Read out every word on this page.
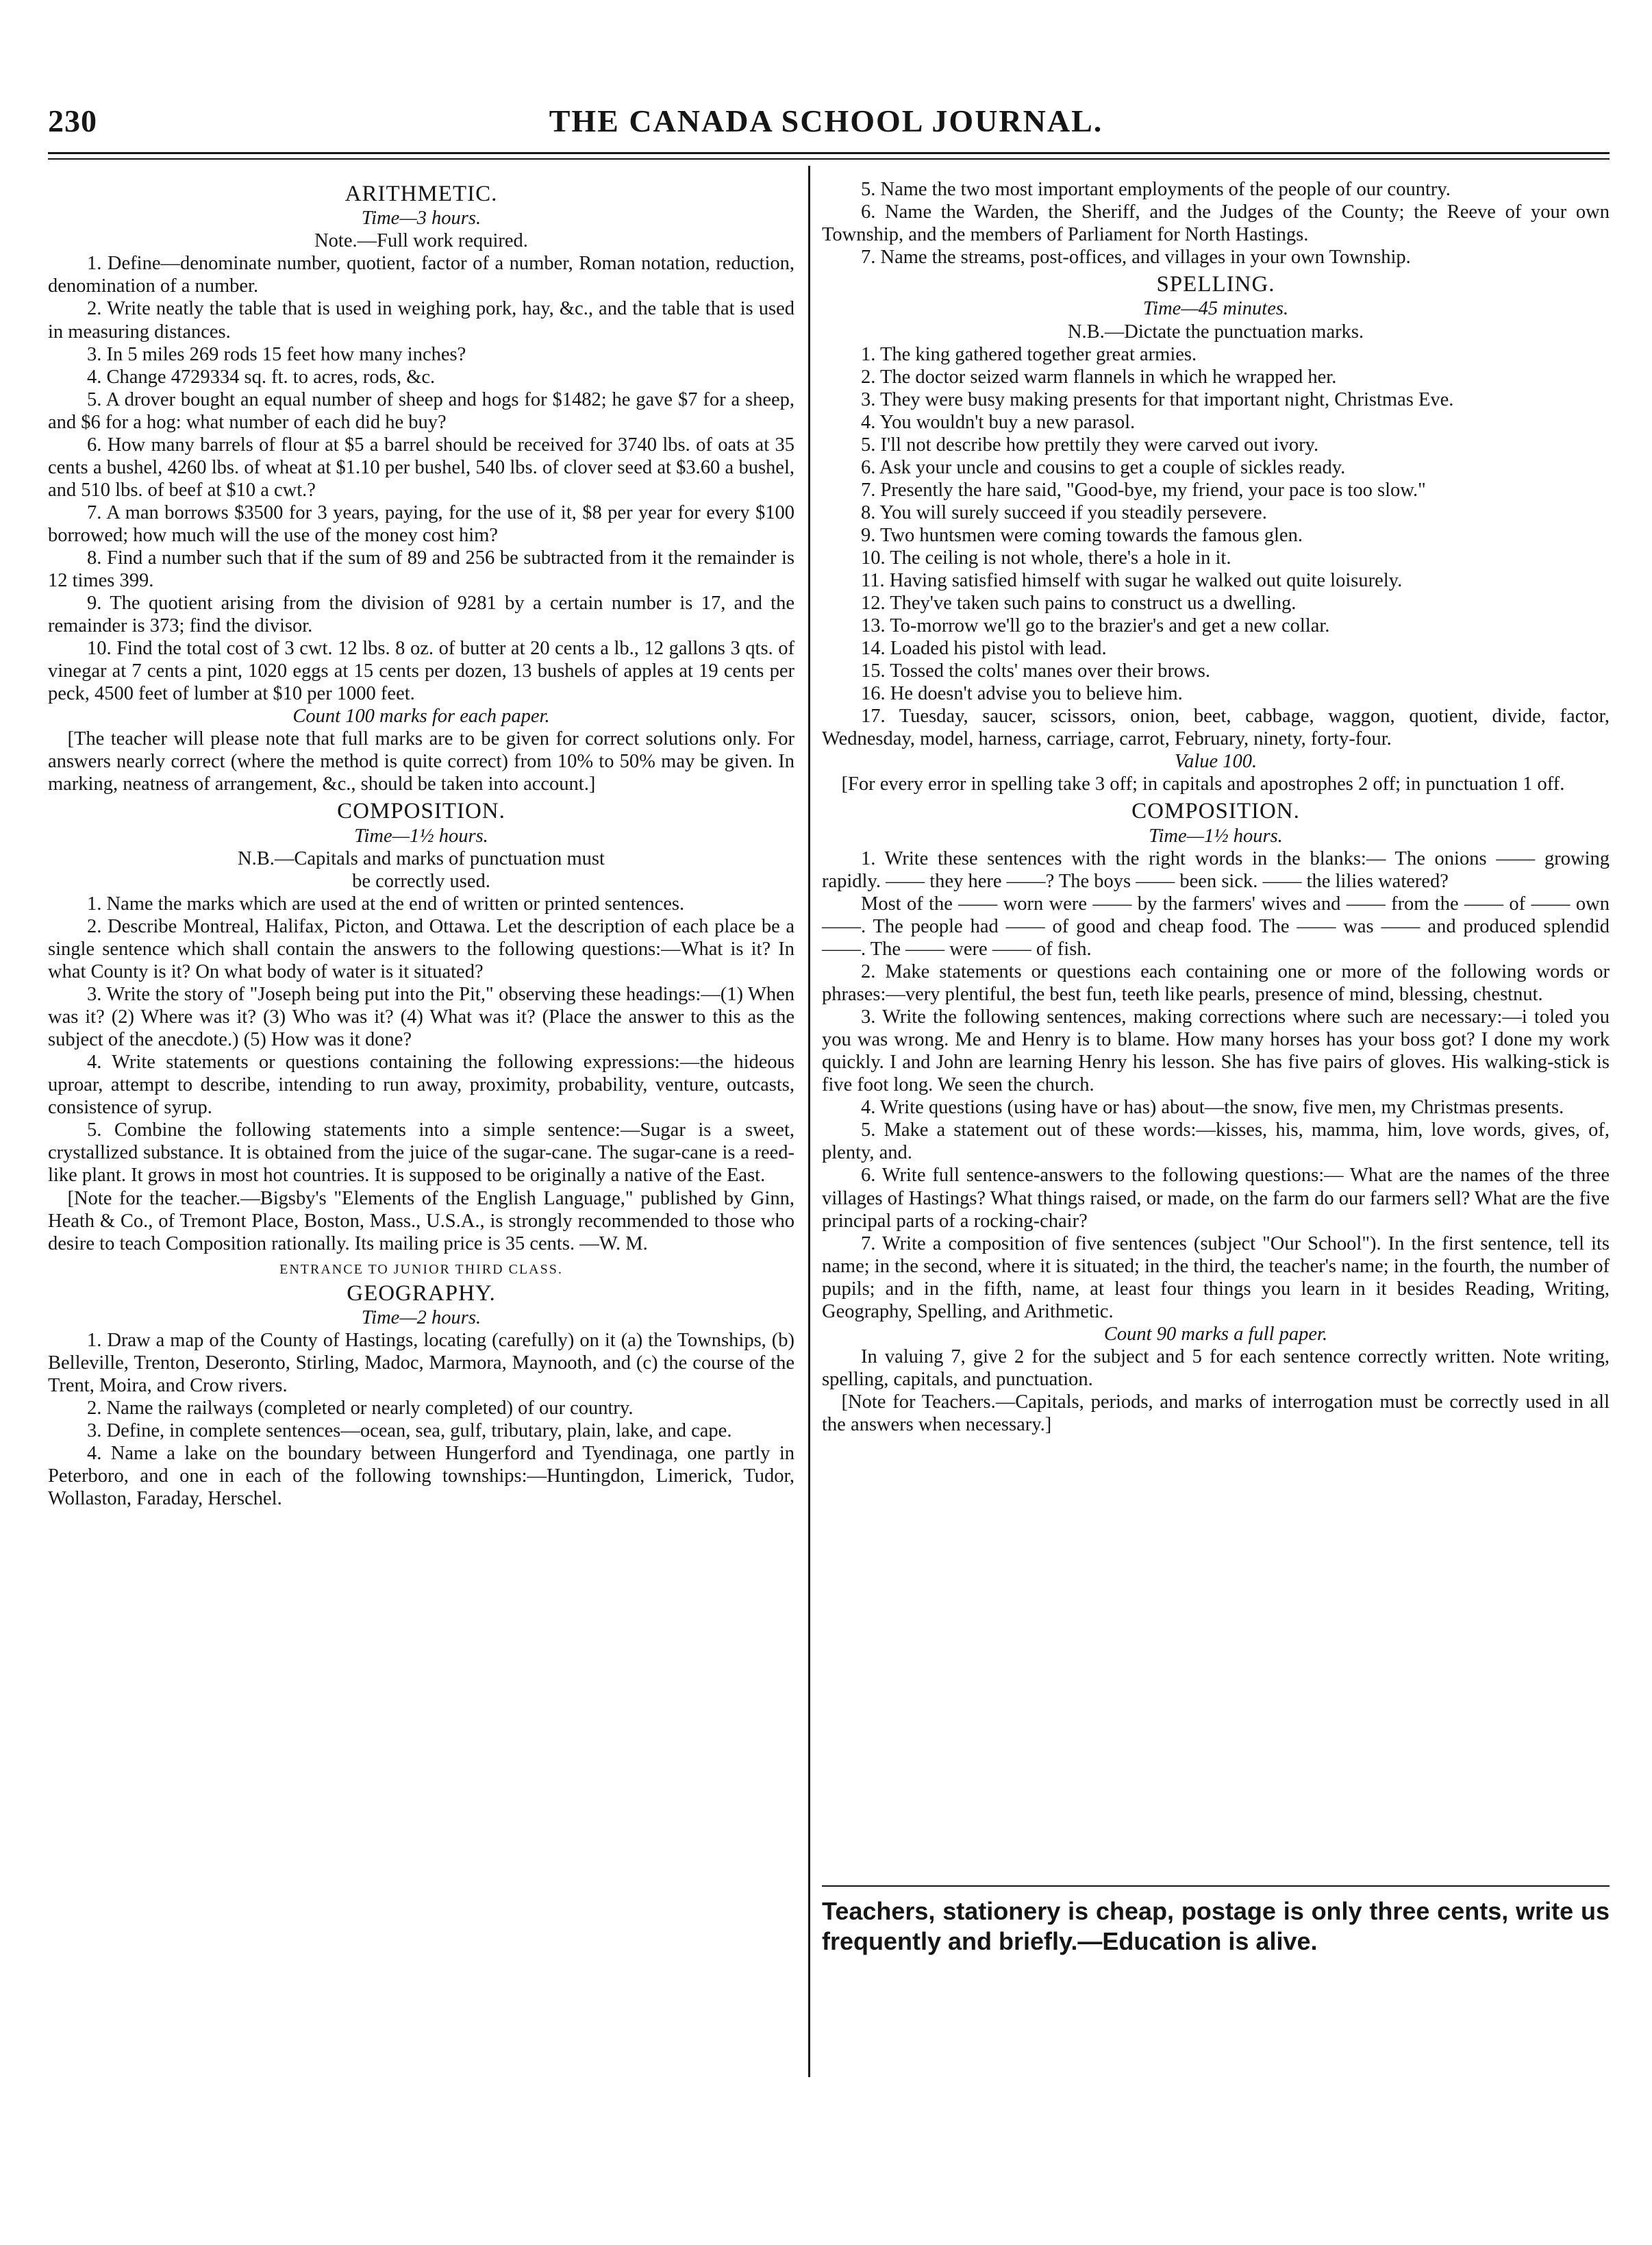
230	THE CANADA SCHOOL JOURNAL.
ARITHMETIC.

Time—3 hours.

Note.—Full work required.

1. Define—denominate number, quotient, factor of a number, Roman notation, reduction, denomination of a number.

2. Write neatly the table that is used in weighing pork, hay, &c., and the table that is used in measuring distances.

3. In 5 miles 269 rods 15 feet how many inches?

4. Change 4729334 sq. ft. to acres, rods, &c.

5. A drover bought an equal number of sheep and hogs for $1482; he gave $7 for a sheep, and $6 for a hog: what number of each did he buy?

6. How many barrels of flour at $5 a barrel should be received for 3740 lbs. of oats at 35 cents a bushel, 4260 lbs. of wheat at $1.10 per bushel, 540 lbs. of clover seed at $3.60 a bushel, and 510 lbs. of beef at $10 a cwt.?

7. A man borrows $3500 for 3 years, paying, for the use of it, $8 per year for every $100 borrowed; how much will the use of the money cost him?

8. Find a number such that if the sum of 89 and 256 be subtracted from it the remainder is 12 times 399.

9. The quotient arising from the division of 9281 by a certain number is 17, and the remainder is 373; find the divisor.

10. Find the total cost of 3 cwt. 12 lbs. 8 oz. of butter at 20 cents a lb., 12 gallons 3 qts. of vinegar at 7 cents a pint, 1020 eggs at 15 cents per dozen, 13 bushels of apples at 19 cents per peck, 4500 feet of lumber at $10 per 1000 feet.

Count 100 marks for each paper.

[The teacher will please note that full marks are to be given for correct solutions only. For answers nearly correct (where the method is quite correct) from 10% to 50% may be given. In marking, neatness of arrangement, &c., should be taken into account.]

COMPOSITION.

Time—1½ hours.

N.B.—Capitals and marks of punctuation must

be correctly used.

1. Name the marks which are used at the end of written or printed sentences.

2. Describe Montreal, Halifax, Picton, and Ottawa. Let the description of each place be a single sentence which shall contain the answers to the following questions:—What is it? In what County is it? On what body of water is it situated?

3. Write the story of "Joseph being put into the Pit," observing these headings:—(1) When was it? (2) Where was it? (3) Who was it? (4) What was it? (Place the answer to this as the subject of the anecdote.) (5) How was it done?

4. Write statements or questions containing the following expressions:—the hideous uproar, attempt to describe, intending to run away, proximity, probability, venture, outcasts, consistence of syrup.

5. Combine the following statements into a simple sentence:—Sugar is a sweet, crystallized substance. It is obtained from the juice of the sugar-cane. The sugar-cane is a reed-like plant. It grows in most hot countries. It is supposed to be originally a native of the East.

[Note for the teacher.—Bigsby's "Elements of the English Language," published by Ginn, Heath & Co., of Tremont Place, Boston, Mass., U.S.A., is strongly recommended to those who desire to teach Composition rationally. Its mailing price is 35 cents. —W. M.

ENTRANCE TO JUNIOR THIRD CLASS.
GEOGRAPHY.

Time—2 hours.

1. Draw a map of the County of Hastings, locating (carefully) on it (a) the Townships, (b) Belleville, Trenton, Deseronto, Stirling, Madoc, Marmora, Maynooth, and (c) the course of the Trent, Moira, and Crow rivers.

2. Name the railways (completed or nearly completed) of our country.

3. Define, in complete sentences—ocean, sea, gulf, tributary, plain, lake, and cape.

4. Name a lake on the boundary between Hungerford and Tyendinaga, one partly in Peterboro, and one in each of the following townships:—Huntingdon, Limerick, Tudor, Wollaston, Faraday, Herschel.

5. Name the two most important employments of the people of our country.

6. Name the Warden, the Sheriff, and the Judges of the County; the Reeve of your own Township, and the members of Parliament for North Hastings.

7. Name the streams, post-offices, and villages in your own Township.

SPELLING.

Time—45 minutes.

N.B.—Dictate the punctuation marks.

1. The king gathered together great armies.

2. The doctor seized warm flannels in which he wrapped her.

3. They were busy making presents for that important night, Christmas Eve.

4. You wouldn't buy a new parasol.

5. I'll not describe how prettily they were carved out ivory.

6. Ask your uncle and cousins to get a couple of sickles ready.

7. Presently the hare said, "Good-bye, my friend, your pace is too slow."

8. You will surely succeed if you steadily persevere.

9. Two huntsmen were coming towards the famous glen.

10. The ceiling is not whole, there's a hole in it.

11. Having satisfied himself with sugar he walked out quite loisurely.

12. They've taken such pains to construct us a dwelling.

13. To-morrow we'll go to the brazier's and get a new collar.

14. Loaded his pistol with lead.

15. Tossed the colts' manes over their brows.

16. He doesn't advise you to believe him.

17. Tuesday, saucer, scissors, onion, beet, cabbage, waggon, quotient, divide, factor, Wednesday, model, harness, carriage, carrot, February, ninety, forty-four.

Value 100.

[For every error in spelling take 3 off; in capitals and apostrophes 2 off; in punctuation 1 off.

COMPOSITION.

Time—1½ hours.

1. Write these sentences with the right words in the blanks:— The onions —— growing rapidly. —— they here ——? The boys —— been sick. —— the lilies watered?

Most of the —— worn were —— by the farmers' wives and —— from the —— of —— own ——. The people had —— of good and cheap food. The —— was —— and produced splendid ——. The —— were —— of fish.

2. Make statements or questions each containing one or more of the following words or phrases:—very plentiful, the best fun, teeth like pearls, presence of mind, blessing, chestnut.

3. Write the following sentences, making corrections where such are necessary:—i toled you you was wrong. Me and Henry is to blame. How many horses has your boss got? I done my work quickly. I and John are learning Henry his lesson. She has five pairs of gloves. His walking-stick is five foot long. We seen the church.

4. Write questions (using have or has) about—the snow, five men, my Christmas presents.

5. Make a statement out of these words:—kisses, his, mamma, him, love words, gives, of, plenty, and.

6. Write full sentence-answers to the following questions:— What are the names of the three villages of Hastings? What things raised, or made, on the farm do our farmers sell? What are the five principal parts of a rocking-chair?

7. Write a composition of five sentences (subject "Our School"). In the first sentence, tell its name; in the second, where it is situated; in the third, the teacher's name; in the fourth, the number of pupils; and in the fifth, name, at least four things you learn in it besides Reading, Writing, Geography, Spelling, and Arithmetic.

Count 90 marks a full paper.

In valuing 7, give 2 for the subject and 5 for each sentence correctly written. Note writing, spelling, capitals, and punctuation.

[Note for Teachers.—Capitals, periods, and marks of interrogation must be correctly used in all the answers when necessary.]

Teachers, stationery is cheap, postage is only three cents, write us frequently and briefly.—Education is alive.
